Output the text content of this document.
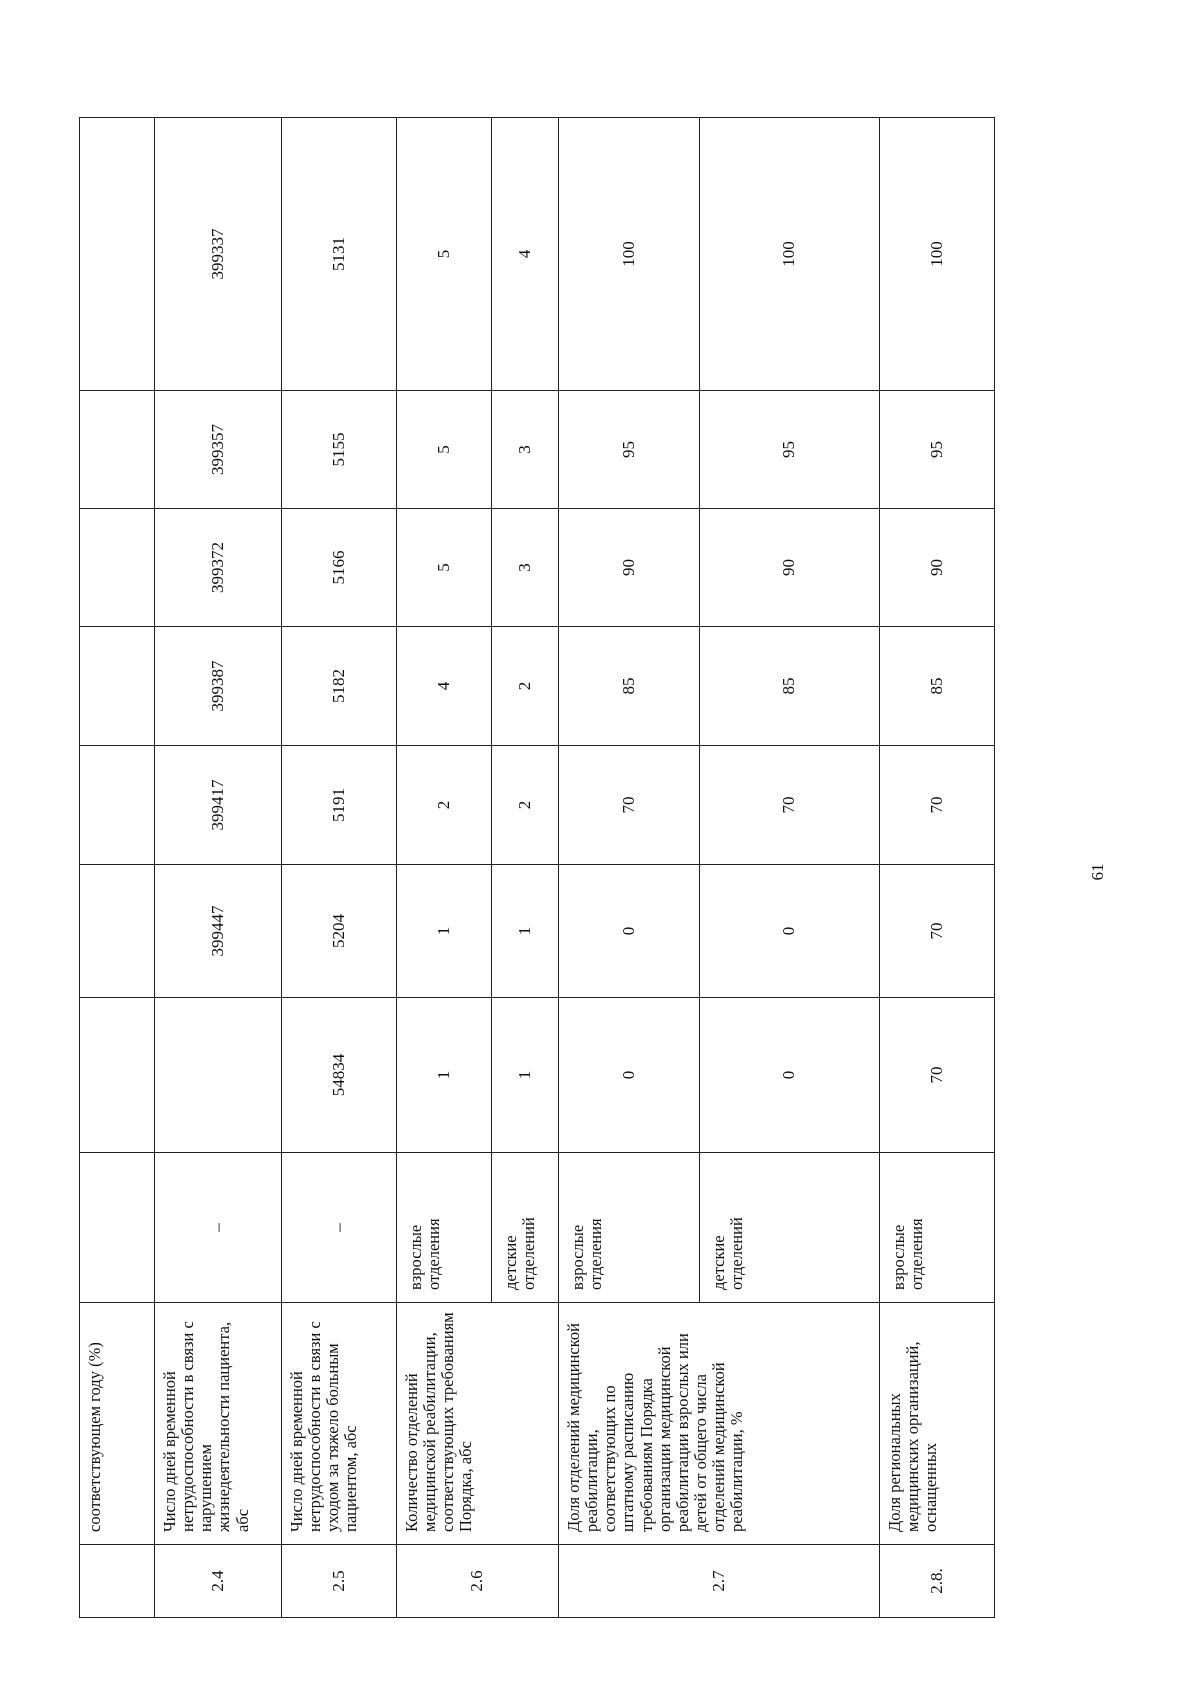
	соответствующем году (%)								
2.4	Число дней временной нетрудоспособности в связи с нарушением жизнедеятельности пациента, абс	–		399447	399417	399387	399372	399357	399337
2.5	Число дней временной нетрудоспособности в связи с уходом за тяжело больным пациентом, абс	–	54834	5204	5191	5182	5166	5155	5131
2.6	Количество отделений медицинской реабилитации, соответствующих требованиям Порядка, абс	взрослые отделения	1	1	2	4	5	5	5
		детские отделений	1	1	2	2	3	3	4
2.7	Доля отделений медицинской реабилитации, соответствующих по штатному расписанию требованиям Порядка организации медицинской реабилитации взрослых или детей от общего числа отделений медицинской реабилитации, %	взрослые отделения	0	0	70	85	90	95	100
		детские отделений	0	0	70	85	90	95	100
2.8.	Доля региональных медицинских организаций, оснащенных	взрослые отделения	70	70	70	85	90	95	100
61
